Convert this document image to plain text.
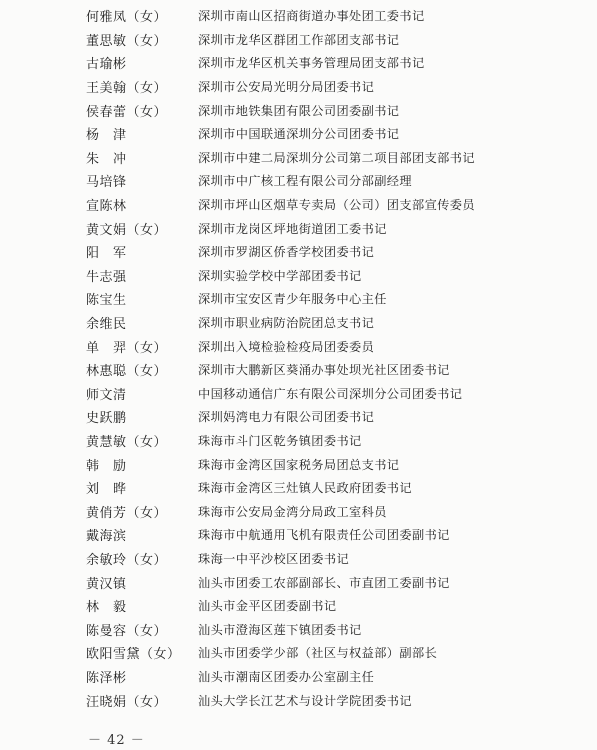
何雅凤（女）	深圳市南山区招商街道办事处团工委书记
董思敏（女）	深圳市龙华区群团工作部团支部书记
古瑜彬	深圳市龙华区机关事务管理局团支部书记
王美翰（女）	深圳市公安局光明分局团委书记
侯春蕾（女）	深圳市地铁集团有限公司团委副书记
杨　津	深圳市中国联通深圳分公司团委书记
朱　冲	深圳市中建二局深圳分公司第二项目部团支部书记
马培锋	深圳市中广核工程有限公司分部副经理
宣陈林	深圳市坪山区烟草专卖局（公司）团支部宣传委员
黄文娟（女）	深圳市龙岗区坪地街道团工委书记
阳　军	深圳市罗湖区侨香学校团委书记
牛志强	深圳实验学校中学部团委书记
陈宝生	深圳市宝安区青少年服务中心主任
余维民	深圳市职业病防治院团总支书记
单　羿（女）	深圳出入境检验检疫局团委委员
林惠聪（女）	深圳市大鹏新区葵涌办事处坝光社区团委书记
师文清	中国移动通信广东有限公司深圳分公司团委书记
史跃鹏	深圳妈湾电力有限公司团委书记
黄慧敏（女）	珠海市斗门区乾务镇团委书记
韩　励	珠海市金湾区国家税务局团总支书记
刘　晔	珠海市金湾区三灶镇人民政府团委书记
黄俏芳（女）	珠海市公安局金湾分局政工室科员
戴海滨	珠海市中航通用飞机有限责任公司团委副书记
余敏玲（女）	珠海一中平沙校区团委书记
黄汉镇	汕头市团委工农部副部长、市直团工委副书记
林　毅	汕头市金平区团委副书记
陈曼容（女）	汕头市澄海区莲下镇团委书记
欧阳雪黛（女）	汕头市团委学少部（社区与权益部）副部长
陈泽彬	汕头市潮南区团委办公室副主任
汪晓娟（女）	汕头大学长江艺术与设计学院团委书记
－ 42 －
